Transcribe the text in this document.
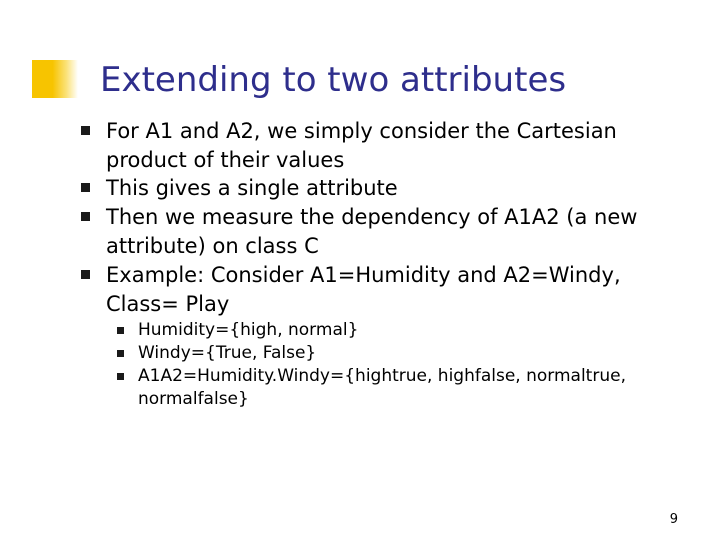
Extending to two attributes
For A1 and A2, we simply consider the Cartesian product of their values
This gives a single attribute
Then we measure the dependency of A1A2 (a new attribute) on class C
Example: Consider A1=Humidity and A2=Windy, Class= Play
Humidity={high, normal}
Windy={True, False}
A1A2=Humidity.Windy={hightrue, highfalse, normaltrue, normalfalse}
9
